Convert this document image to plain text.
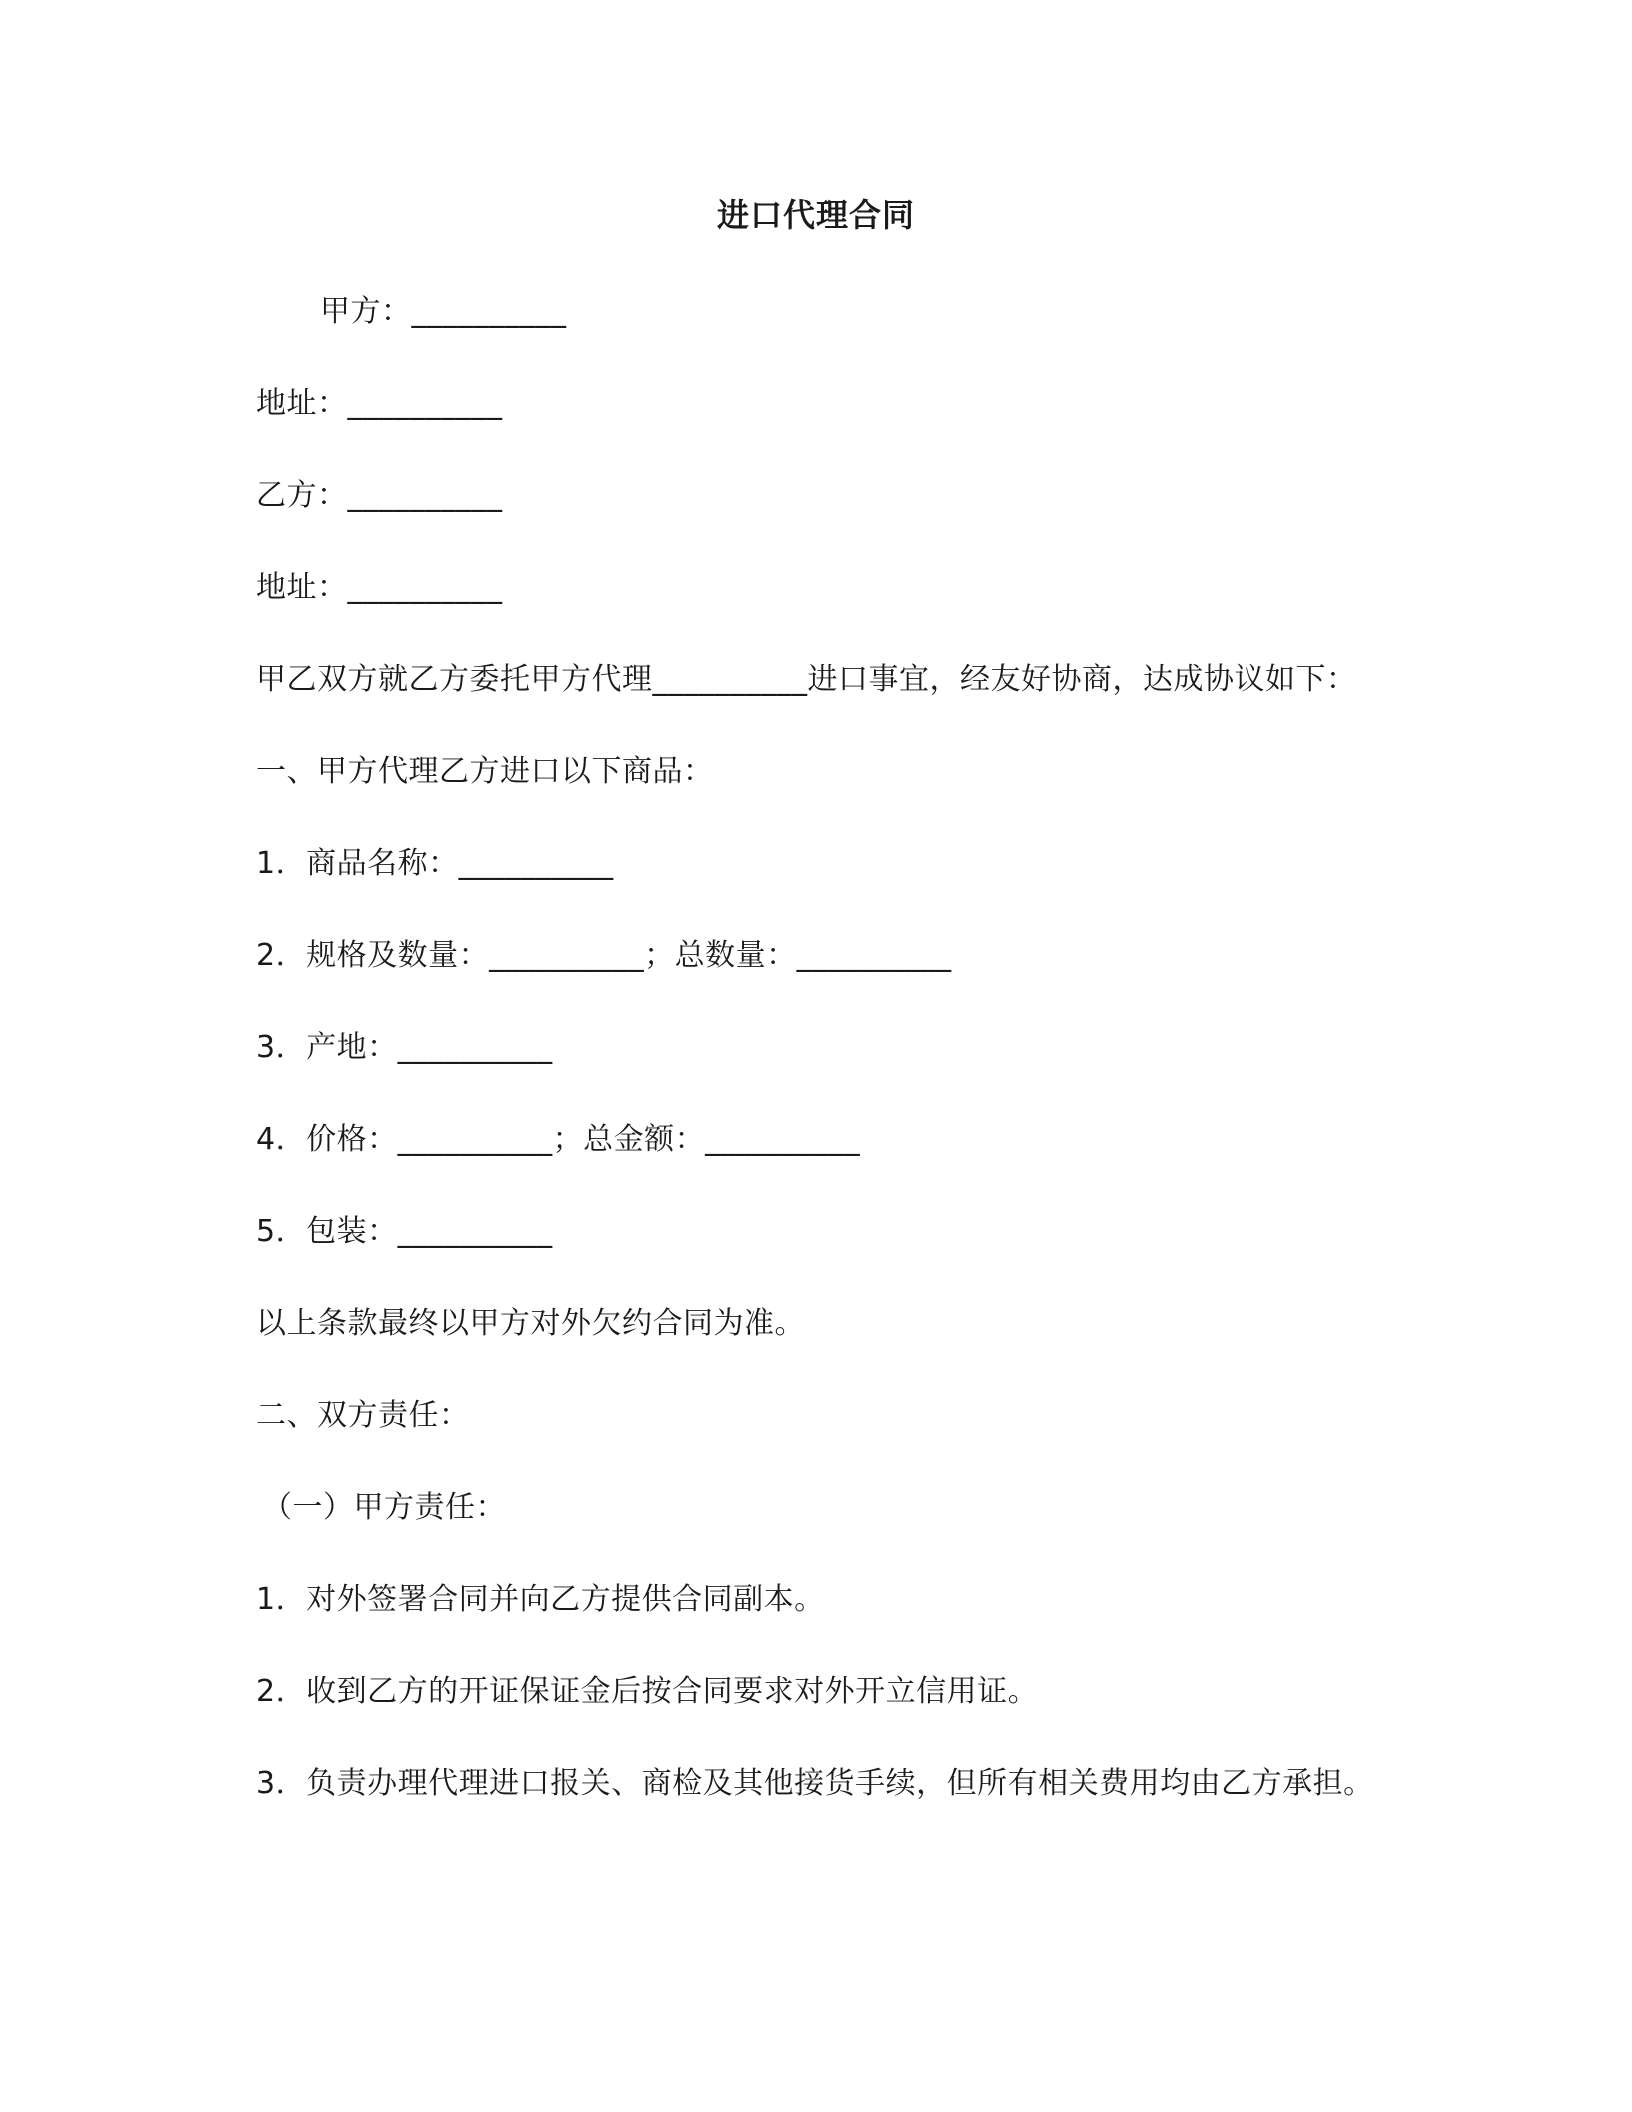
进口代理合同
甲方：__________
地址：__________
乙方：__________
地址：__________
甲乙双方就乙方委托甲方代理__________进口事宜，经友好协商，达成协议如下：
一、甲方代理乙方进口以下商品：
1．商品名称：__________
2．规格及数量：__________；总数量：__________
3．产地：__________
4．价格：__________；总金额：__________
5．包装：__________
以上条款最终以甲方对外欠约合同为准。
二、双方责任：
（一）甲方责任：
1．对外签署合同并向乙方提供合同副本。
2．收到乙方的开证保证金后按合同要求对外开立信用证。
3．负责办理代理进口报关、商检及其他接货手续，但所有相关费用均由乙方承担。
